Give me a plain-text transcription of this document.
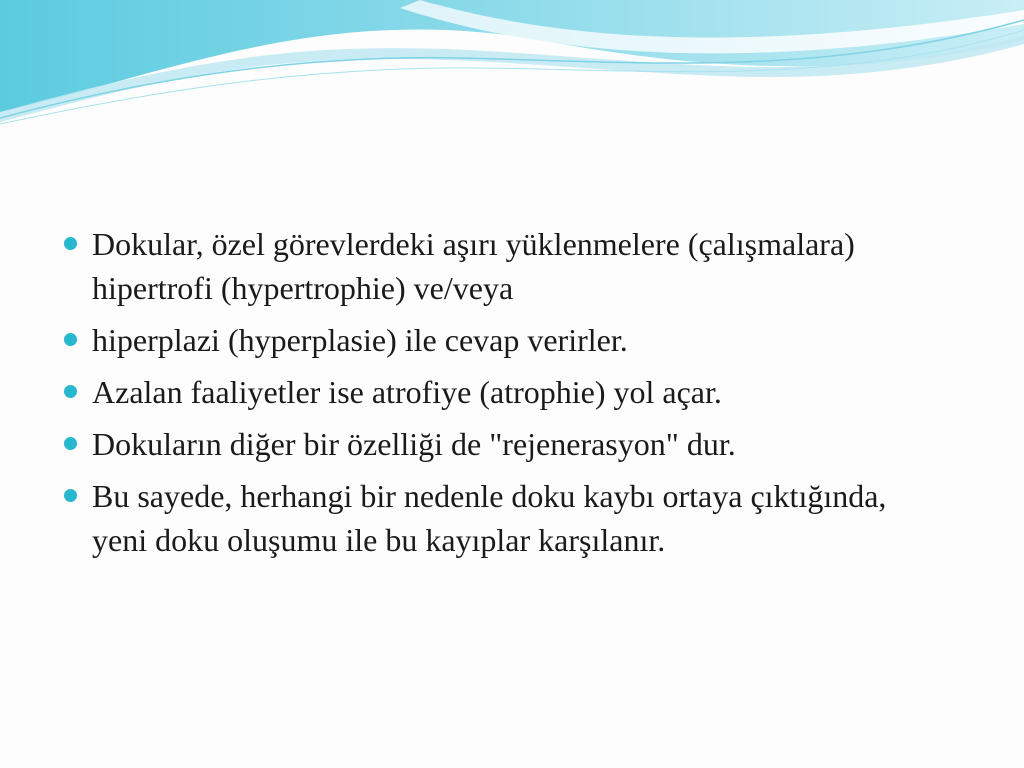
Dokular, özel görevlerdeki aşırı yüklenmelere (çalışmalara) hipertrofi (hypertrophie) ve/veya
hiperplazi (hyperplasie) ile cevap verirler.
Azalan faaliyetler ise atrofiye (atrophie) yol açar.
Dokuların diğer bir özelliği de "rejenerasyon" dur.
Bu sayede, herhangi bir nedenle doku kaybı ortaya çıktığında, yeni doku oluşumu ile bu kayıplar karşılanır.
